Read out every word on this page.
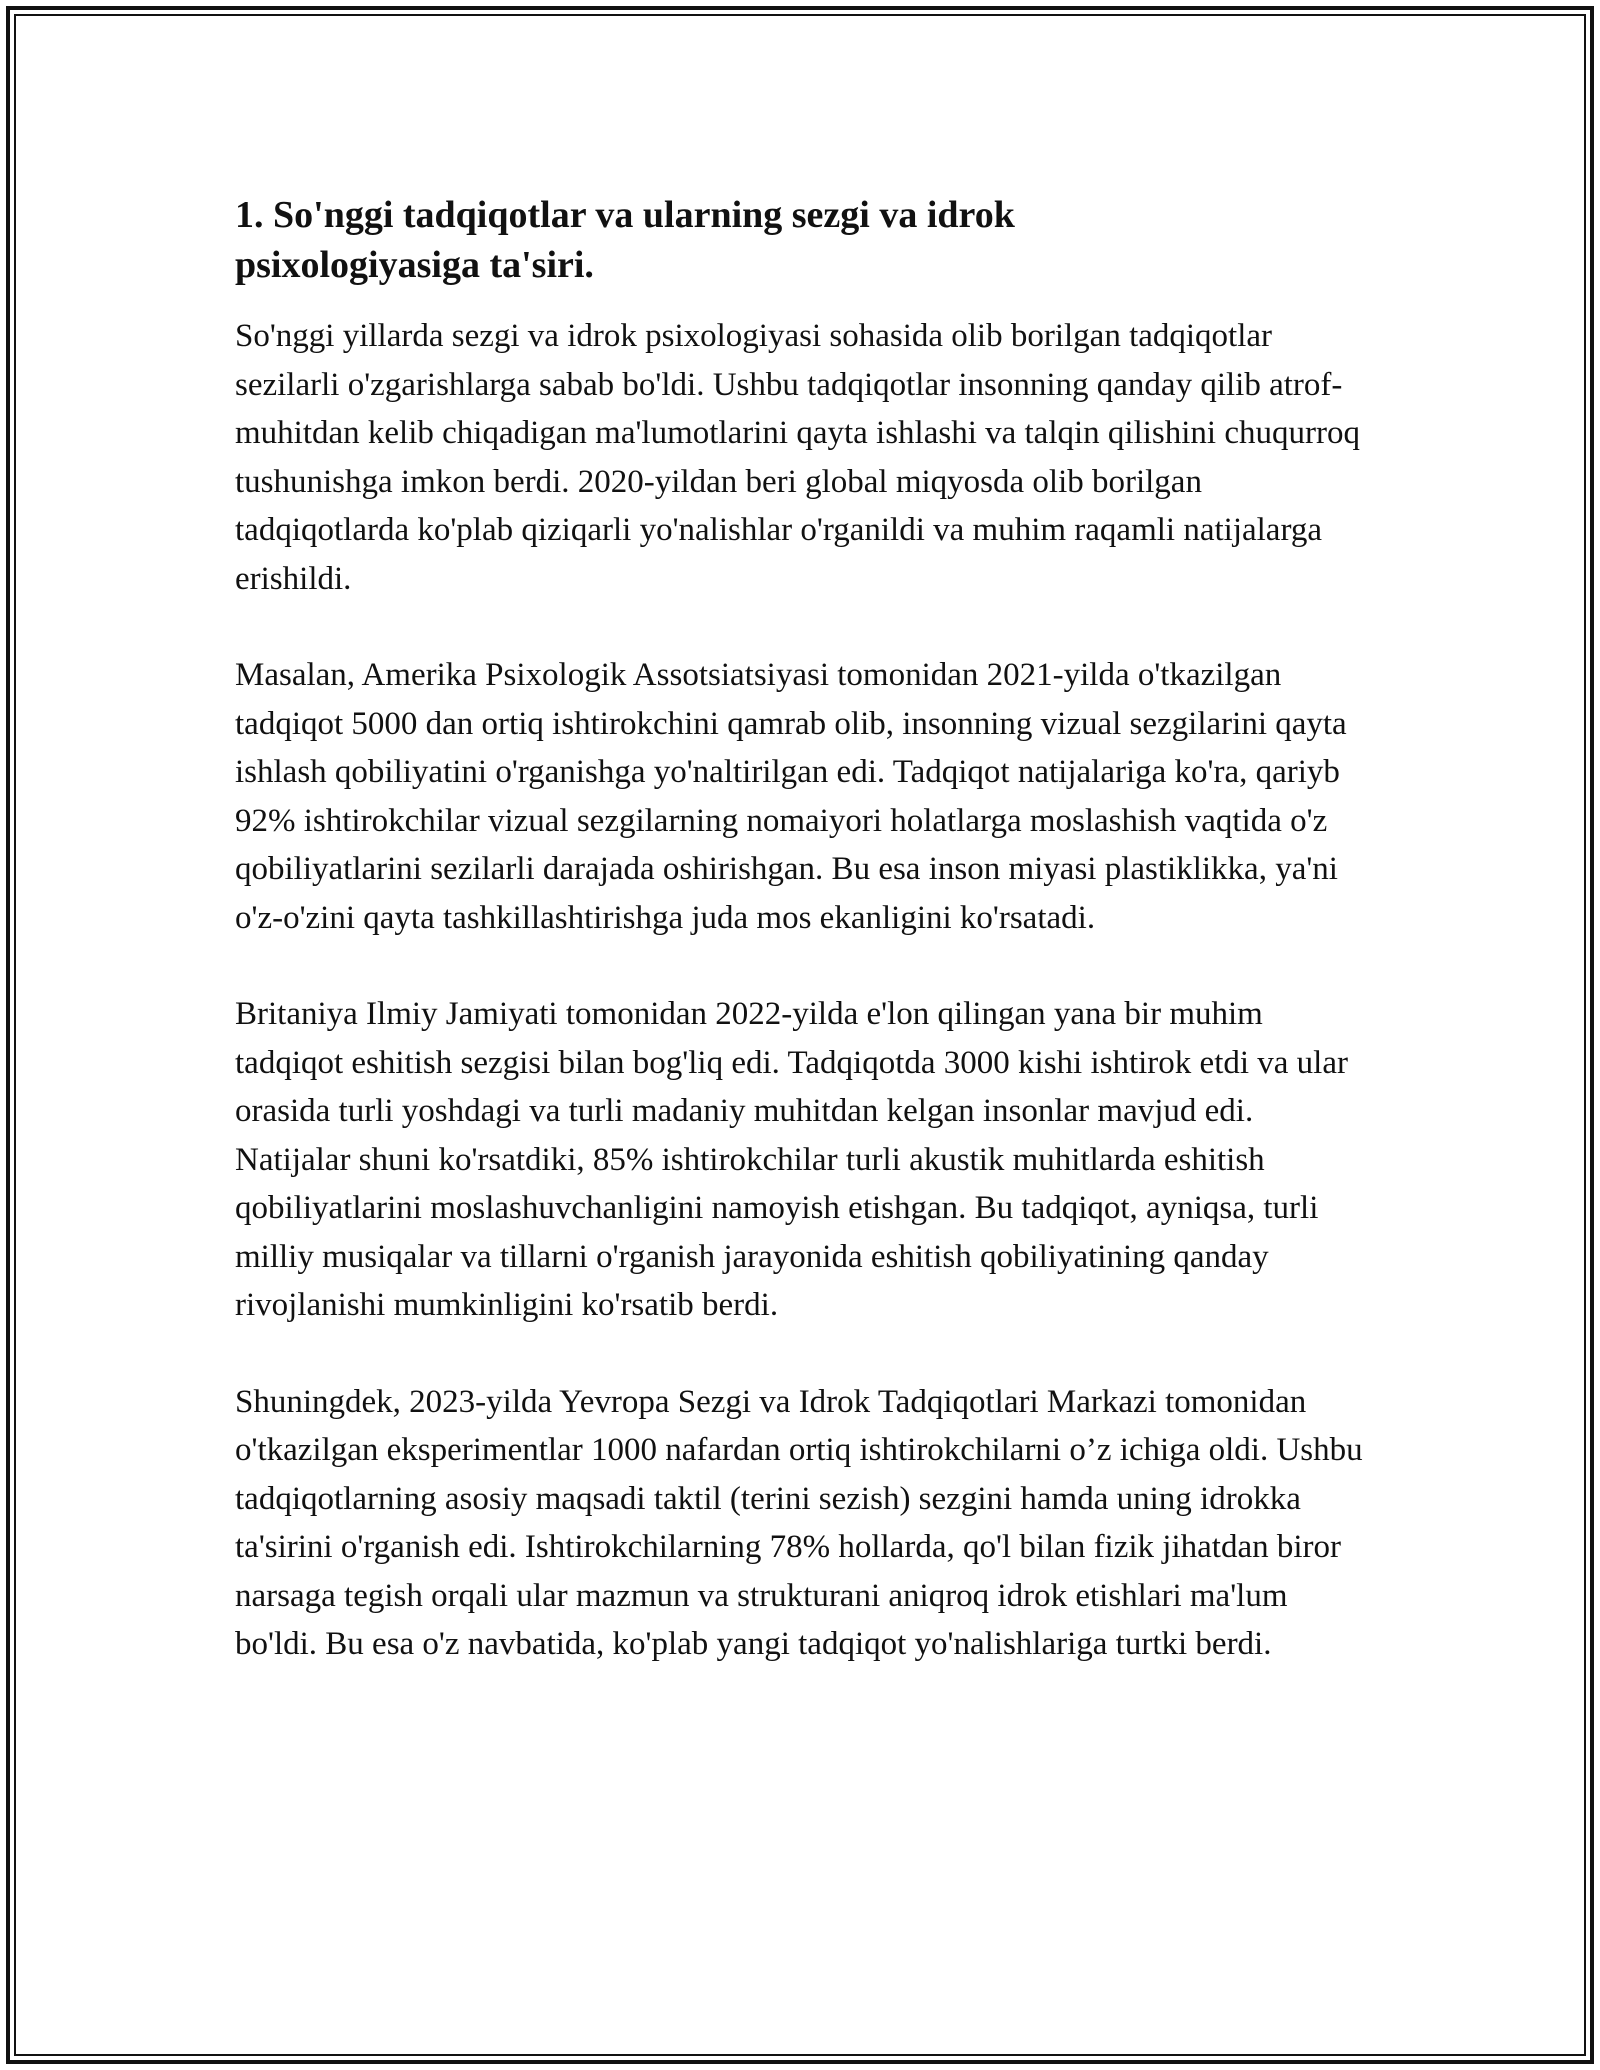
1. So'nggi tadqiqotlar va ularning sezgi va idrok psixologiyasiga ta'siri.

So'nggi yillarda sezgi va idrok psixologiyasi sohasida olib borilgan tadqiqotlar sezilarli o'zgarishlarga sabab bo'ldi. Ushbu tadqiqotlar insonning qanday qilib atrof-muhitdan kelib chiqadigan ma'lumotlarini qayta ishlashi va talqin qilishini chuqurroq tushunishga imkon berdi. 2020-yildan beri global miqyosda olib borilgan tadqiqotlarda ko'plab qiziqarli yo'nalishlar o'rganildi va muhim raqamli natijalarga erishildi.

Masalan, Amerika Psixologik Assotsiatsiyasi tomonidan 2021-yilda o'tkazilgan tadqiqot 5000 dan ortiq ishtirokchini qamrab olib, insonning vizual sezgilarini qayta ishlash qobiliyatini o'rganishga yo'naltirilgan edi. Tadqiqot natijalariga ko'ra, qariyb 92% ishtirokchilar vizual sezgilarning nomaiyori holatlarga moslashish vaqtida o'z qobiliyatlarini sezilarli darajada oshirishgan. Bu esa inson miyasi plastiklikka, ya'ni o'z-o'zini qayta tashkillashtirishga juda mos ekanligini ko'rsatadi.

Britaniya Ilmiy Jamiyati tomonidan 2022-yilda e'lon qilingan yana bir muhim tadqiqot eshitish sezgisi bilan bog'liq edi. Tadqiqotda 3000 kishi ishtirok etdi va ular orasida turli yoshdagi va turli madaniy muhitdan kelgan insonlar mavjud edi. Natijalar shuni ko'rsatdiki, 85% ishtirokchilar turli akustik muhitlarda eshitish qobiliyatlarini moslashuvchanligini namoyish etishgan. Bu tadqiqot, ayniqsa, turli milliy musiqalar va tillarni o'rganish jarayonida eshitish qobiliyatining qanday rivojlanishi mumkinligini ko'rsatib berdi.

Shuningdek, 2023-yilda Yevropa Sezgi va Idrok Tadqiqotlari Markazi tomonidan o'tkazilgan eksperimentlar 1000 nafardan ortiq ishtirokchilarni o’z ichiga oldi. Ushbu tadqiqotlarning asosiy maqsadi taktil (terini sezish) sezgini hamda uning idrokka ta'sirini o'rganish edi. Ishtirokchilarning 78% hollarda, qo'l bilan fizik jihatdan biror narsaga tegish orqali ular mazmun va strukturani aniqroq idrok etishlari ma'lum bo'ldi. Bu esa o'z navbatida, ko'plab yangi tadqiqot yo'nalishlariga turtki berdi.
